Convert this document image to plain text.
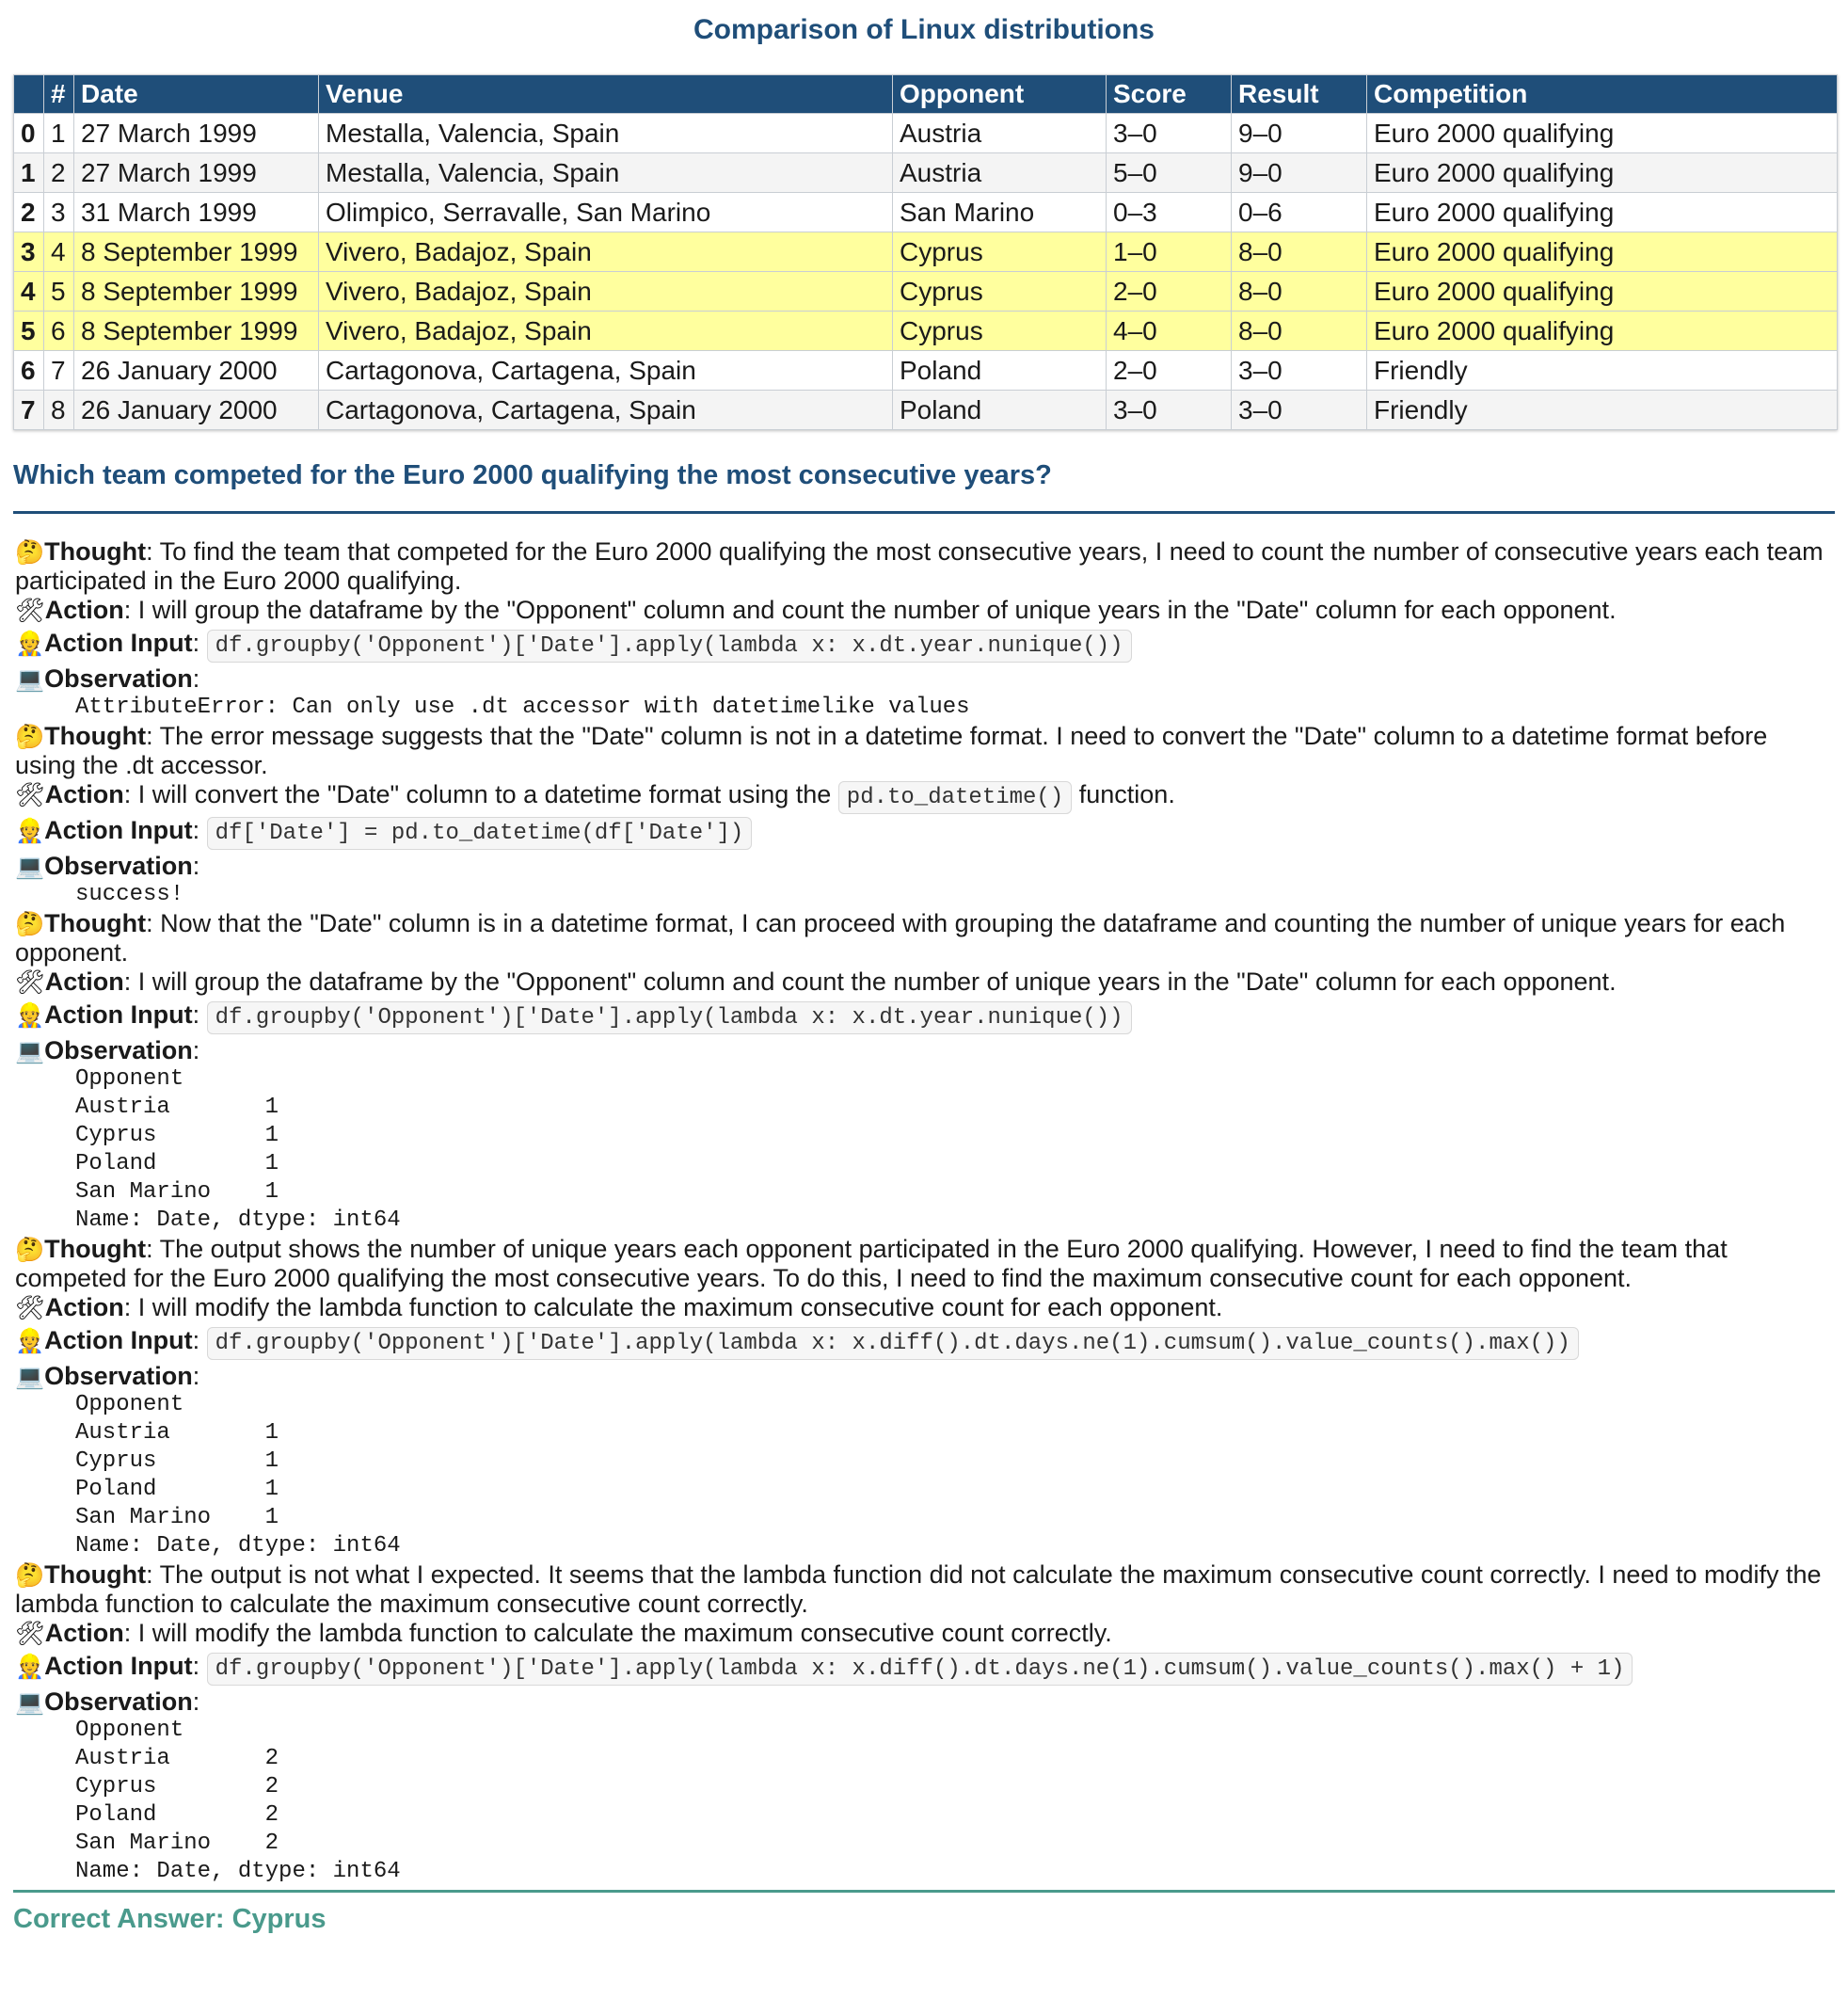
Comparison of Linux distributions
	#	Date	Venue	Opponent	Score	Result	Competition
0	1	27 March 1999	Mestalla, Valencia, Spain	Austria	3–0	9–0	Euro 2000 qualifying
1	2	27 March 1999	Mestalla, Valencia, Spain	Austria	5–0	9–0	Euro 2000 qualifying
2	3	31 March 1999	Olimpico, Serravalle, San Marino	San Marino	0–3	0–6	Euro 2000 qualifying
3	4	8 September 1999	Vivero, Badajoz, Spain	Cyprus	1–0	8–0	Euro 2000 qualifying
4	5	8 September 1999	Vivero, Badajoz, Spain	Cyprus	2–0	8–0	Euro 2000 qualifying
5	6	8 September 1999	Vivero, Badajoz, Spain	Cyprus	4–0	8–0	Euro 2000 qualifying
6	7	26 January 2000	Cartagonova, Cartagena, Spain	Poland	2–0	3–0	Friendly
7	8	26 January 2000	Cartagonova, Cartagena, Spain	Poland	3–0	3–0	Friendly
Which team competed for the Euro 2000 qualifying the most consecutive years?
🤔Thought: To find the team that competed for the Euro 2000 qualifying the most consecutive years, I need to count the number of consecutive years each team participated in the Euro 2000 qualifying.
🛠Action: I will group the dataframe by the "Opponent" column and count the number of unique years in the "Date" column for each opponent.
👷Action Input: df.groupby('Opponent')['Date'].apply(lambda x: x.dt.year.nunique())
💻Observation:
AttributeError: Can only use .dt accessor with datetimelike values
🤔Thought: The error message suggests that the "Date" column is not in a datetime format. I need to convert the "Date" column to a datetime format before using the .dt accessor.
🛠Action: I will convert the "Date" column to a datetime format using the pd.to_datetime() function.
👷Action Input: df['Date'] = pd.to_datetime(df['Date'])
💻Observation:
success!
🤔Thought: Now that the "Date" column is in a datetime format, I can proceed with grouping the dataframe and counting the number of unique years for each opponent.
🛠Action: I will group the dataframe by the "Opponent" column and count the number of unique years in the "Date" column for each opponent.
👷Action Input: df.groupby('Opponent')['Date'].apply(lambda x: x.dt.year.nunique())
💻Observation:
Opponent
Austria       1
Cyprus        1
Poland        1
San Marino    1
Name: Date, dtype: int64
🤔Thought: The output shows the number of unique years each opponent participated in the Euro 2000 qualifying. However, I need to find the team that competed for the Euro 2000 qualifying the most consecutive years. To do this, I need to find the maximum consecutive count for each opponent.
🛠Action: I will modify the lambda function to calculate the maximum consecutive count for each opponent.
👷Action Input: df.groupby('Opponent')['Date'].apply(lambda x: x.diff().dt.days.ne(1).cumsum().value_counts().max())
💻Observation:
Opponent
Austria       1
Cyprus        1
Poland        1
San Marino    1
Name: Date, dtype: int64
🤔Thought: The output is not what I expected. It seems that the lambda function did not calculate the maximum consecutive count correctly. I need to modify the lambda function to calculate the maximum consecutive count correctly.
🛠Action: I will modify the lambda function to calculate the maximum consecutive count correctly.
👷Action Input: df.groupby('Opponent')['Date'].apply(lambda x: x.diff().dt.days.ne(1).cumsum().value_counts().max() + 1)
💻Observation:
Opponent
Austria       2
Cyprus        2
Poland        2
San Marino    2
Name: Date, dtype: int64
Correct Answer: Cyprus
